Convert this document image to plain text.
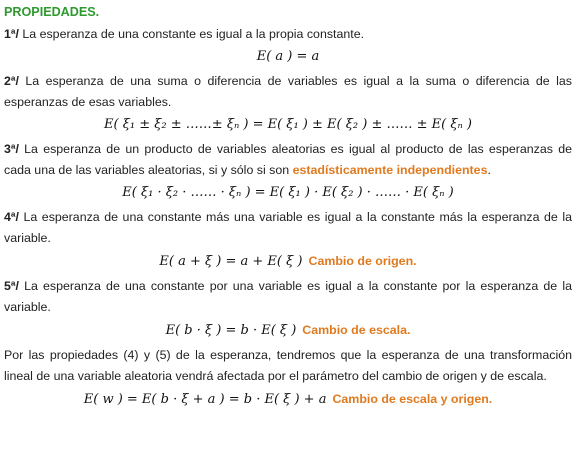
PROPIEDADES.

1ª/ La esperanza de una constante es igual a la propia constante.

E( a ) = a

2ª/ La esperanza de una suma o diferencia de variables es igual a la suma o diferencia de las esperanzas de esas variables.

E( ξ₁ ± ξ₂ ± ……± ξₙ ) = E( ξ₁ ) ± E( ξ₂ ) ± …… ± E( ξₙ )

3ª/ La esperanza de un producto de variables aleatorias es igual al producto de las esperanzas de cada una de las variables aleatorias, si y sólo si son estadísticamente independientes.

E( ξ₁ · ξ₂ · …… · ξₙ ) = E( ξ₁ ) · E( ξ₂ ) · …… · E( ξₙ )

4ª/ La esperanza de una constante más una variable es igual a la constante más la esperanza de la variable.

E( a + ξ ) = a + E( ξ ) Cambio de origen.

5ª/ La esperanza de una constante por una variable es igual a la constante por la esperanza de la variable.

E( b · ξ ) = b · E( ξ ) Cambio de escala.

Por las propiedades (4) y (5) de la esperanza, tendremos que la esperanza de una transformación lineal de una variable aleatoria vendrá afectada por el parámetro del cambio de origen y de escala.

E( w ) = E( b · ξ + a ) = b · E( ξ ) + a Cambio de escala y origen.
